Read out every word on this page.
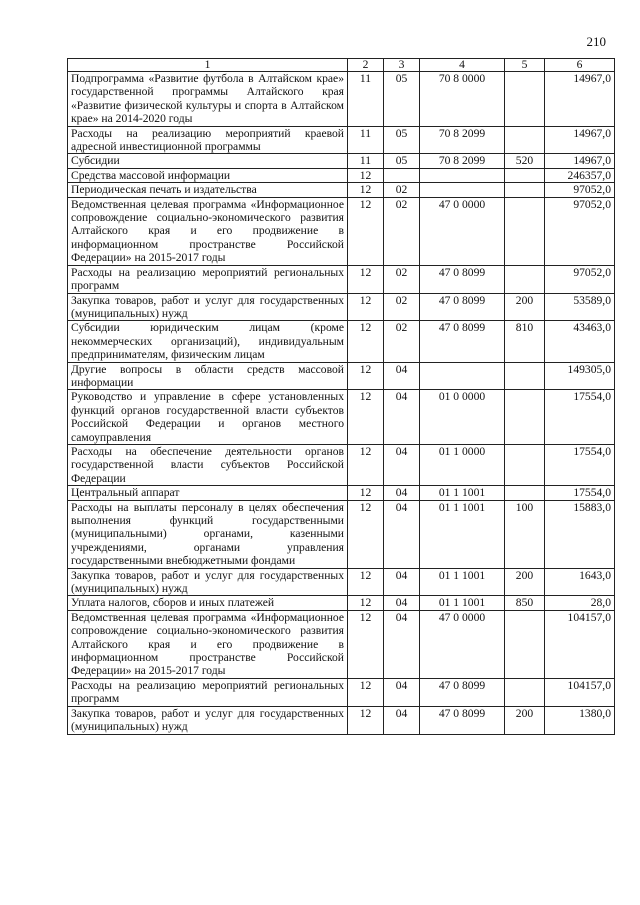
210
1	2	3	4	5	6
Подпрограмма «Развитие футбола в Алтайском крае» государственной программы Алтайского края «Развитие физической культуры и спорта в Алтайском крае» на 2014-2020 годы	11	05	70 8 0000		14967,0
Расходы на реализацию мероприятий краевой адресной инвестиционной программы	11	05	70 8 2099		14967,0
Субсидии	11	05	70 8 2099	520	14967,0
Средства массовой информации	12				246357,0
Периодическая печать и издательства	12	02			97052,0
Ведомственная целевая программа «Информационное сопровождение социально-экономического развития Алтайского края и его продвижение в информационном пространстве Российской Федерации» на 2015-2017 годы	12	02	47 0 0000		97052,0
Расходы на реализацию мероприятий региональных программ	12	02	47 0 8099		97052,0
Закупка товаров, работ и услуг для государственных (муниципальных) нужд	12	02	47 0 8099	200	53589,0
Субсидии юридическим лицам (кроме некоммерческих организаций), индивидуальным предпринимателям, физическим лицам	12	02	47 0 8099	810	43463,0
Другие вопросы в области средств массовой информации	12	04			149305,0
Руководство и управление в сфере установленных функций органов государственной власти субъектов Российской Федерации и органов местного самоуправления	12	04	01 0 0000		17554,0
Расходы на обеспечение деятельности органов государственной власти субъектов Российской Федерации	12	04	01 1 0000		17554,0
Центральный аппарат	12	04	01 1 1001		17554,0
Расходы на выплаты персоналу в целях обеспечения выполнения функций государственными (муниципальными) органами, казенными учреждениями, органами управления государственными внебюджетными фондами	12	04	01 1 1001	100	15883,0
Закупка товаров, работ и услуг для государственных (муниципальных) нужд	12	04	01 1 1001	200	1643,0
Уплата налогов, сборов и иных платежей	12	04	01 1 1001	850	28,0
Ведомственная целевая программа «Информационное сопровождение социально-экономического развития Алтайского края и его продвижение в информационном пространстве Российской Федерации» на 2015-2017 годы	12	04	47 0 0000		104157,0
Расходы на реализацию мероприятий региональных программ	12	04	47 0 8099		104157,0
Закупка товаров, работ и услуг для государственных (муниципальных) нужд	12	04	47 0 8099	200	1380,0
